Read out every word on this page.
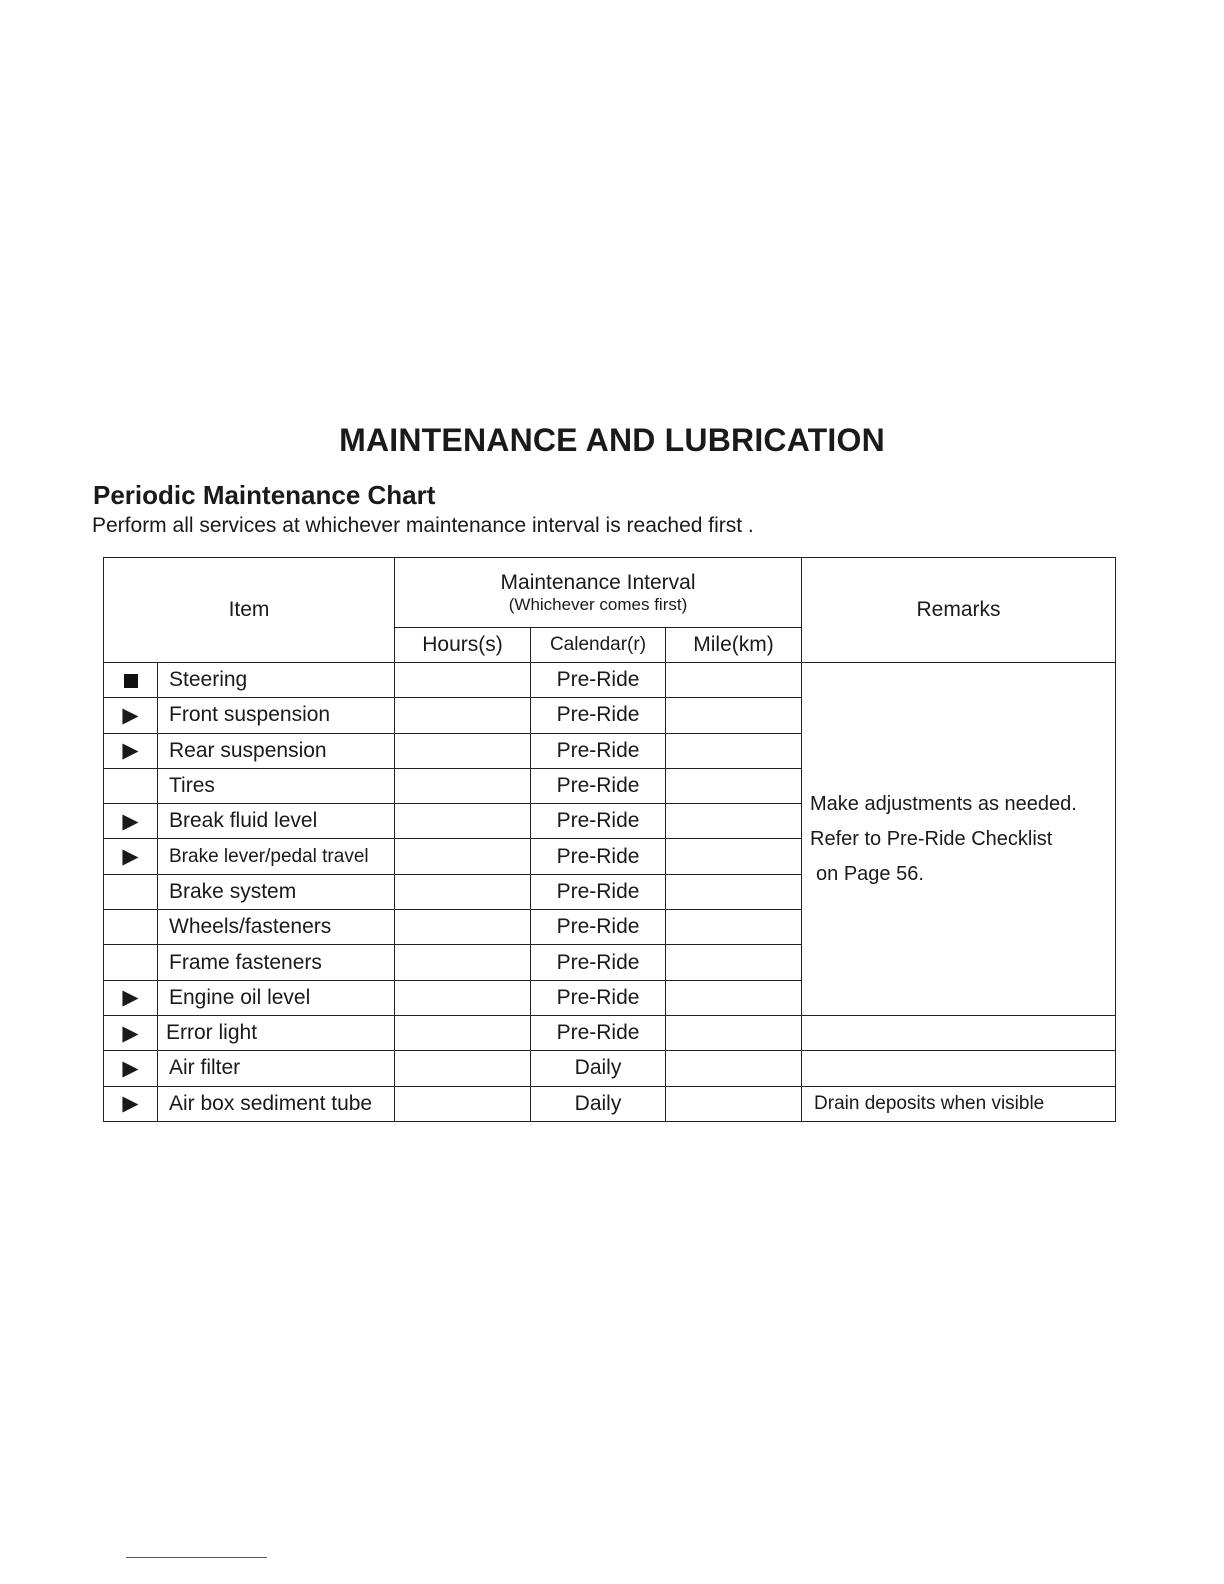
MAINTENANCE AND LUBRICATION
Periodic Maintenance Chart
Perform all services at whichever maintenance interval is reached first .
Item		Maintenance Interval
(Whichever comes first)			Remarks
		Hours(s)	Calendar(r)	Mile(km)	
	Steering		Pre-Ride		Make adjustments as needed.
Refer to Pre-Ride Checklist
on Page 56.

▶	Front suspension		Pre-Ride		
▶	Rear suspension		Pre-Ride		
	Tires		Pre-Ride		
▶	Break fluid level		Pre-Ride		
▶	Brake lever/pedal travel		Pre-Ride		
	Brake system		Pre-Ride		
	Wheels/fasteners		Pre-Ride		
	Frame fasteners		Pre-Ride		
▶	Engine oil level		Pre-Ride		
▶	Error light		Pre-Ride		
▶	Air filter		Daily		
▶	Air box sediment tube		Daily		Drain deposits when visible
